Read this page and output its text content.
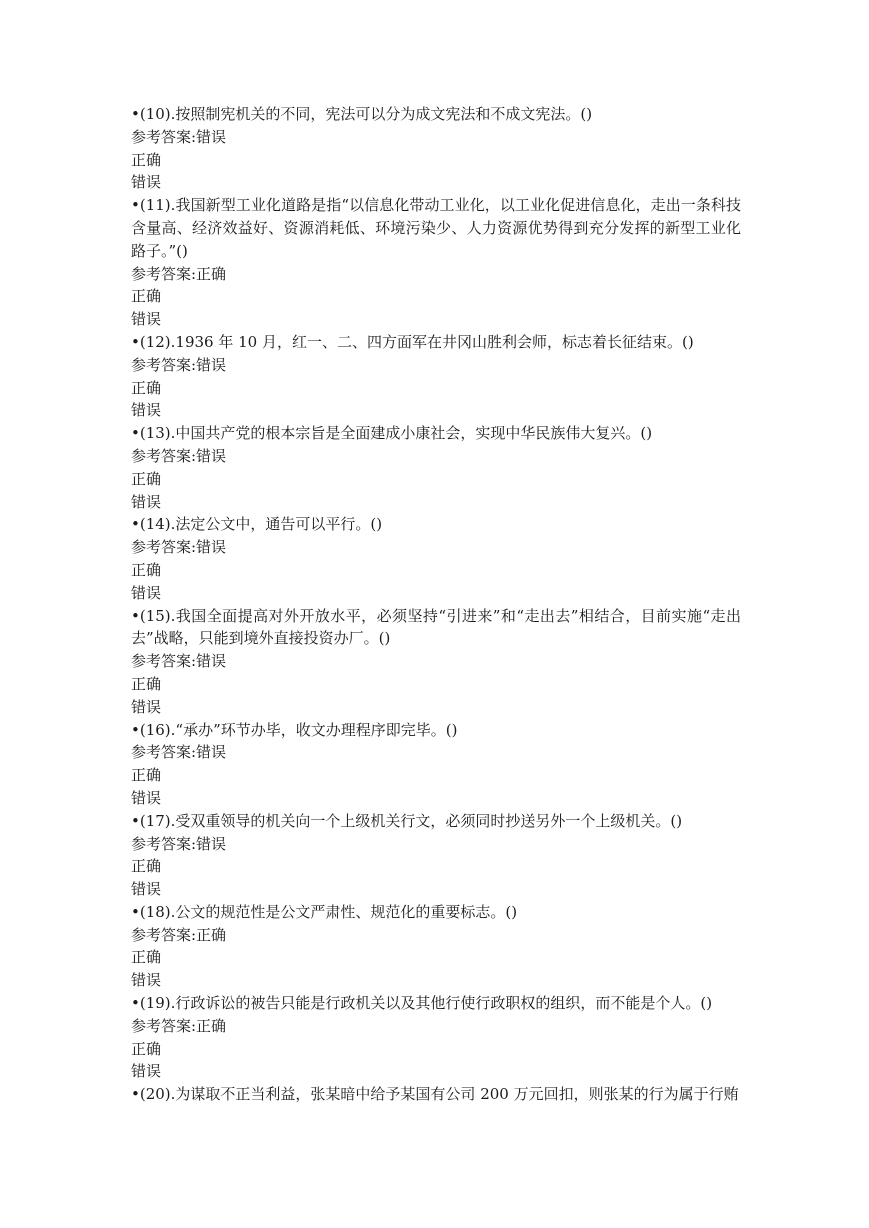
•(10).按照制宪机关的不同，宪法可以分为成文宪法和不成文宪法。()

参考答案:错误

正确

错误

•(11).我国新型工业化道路是指“以信息化带动工业化，以工业化促进信息化，走出一条科技含量高、经济效益好、资源消耗低、环境污染少、人力资源优势得到充分发挥的新型工业化路子。”()

参考答案:正确

正确

错误

•(12).1936 年 10 月，红一、二、四方面军在井冈山胜利会师，标志着长征结束。()

参考答案:错误

正确

错误

•(13).中国共产党的根本宗旨是全面建成小康社会，实现中华民族伟大复兴。()

参考答案:错误

正确

错误

•(14).法定公文中，通告可以平行。()

参考答案:错误

正确

错误

•(15).我国全面提高对外开放水平，必须坚持“引进来”和“走出去”相结合，目前实施“走出去”战略，只能到境外直接投资办厂。()

参考答案:错误

正确

错误

•(16).“承办”环节办毕，收文办理程序即完毕。()

参考答案:错误

正确

错误

•(17).受双重领导的机关向一个上级机关行文，必须同时抄送另外一个上级机关。()

参考答案:错误

正确

错误

•(18).公文的规范性是公文严肃性、规范化的重要标志。()

参考答案:正确

正确

错误

•(19).行政诉讼的被告只能是行政机关以及其他行使行政职权的组织，而不能是个人。()

参考答案:正确

正确

错误

•(20).为谋取不正当利益，张某暗中给予某国有公司 200 万元回扣，则张某的行为属于行贿
